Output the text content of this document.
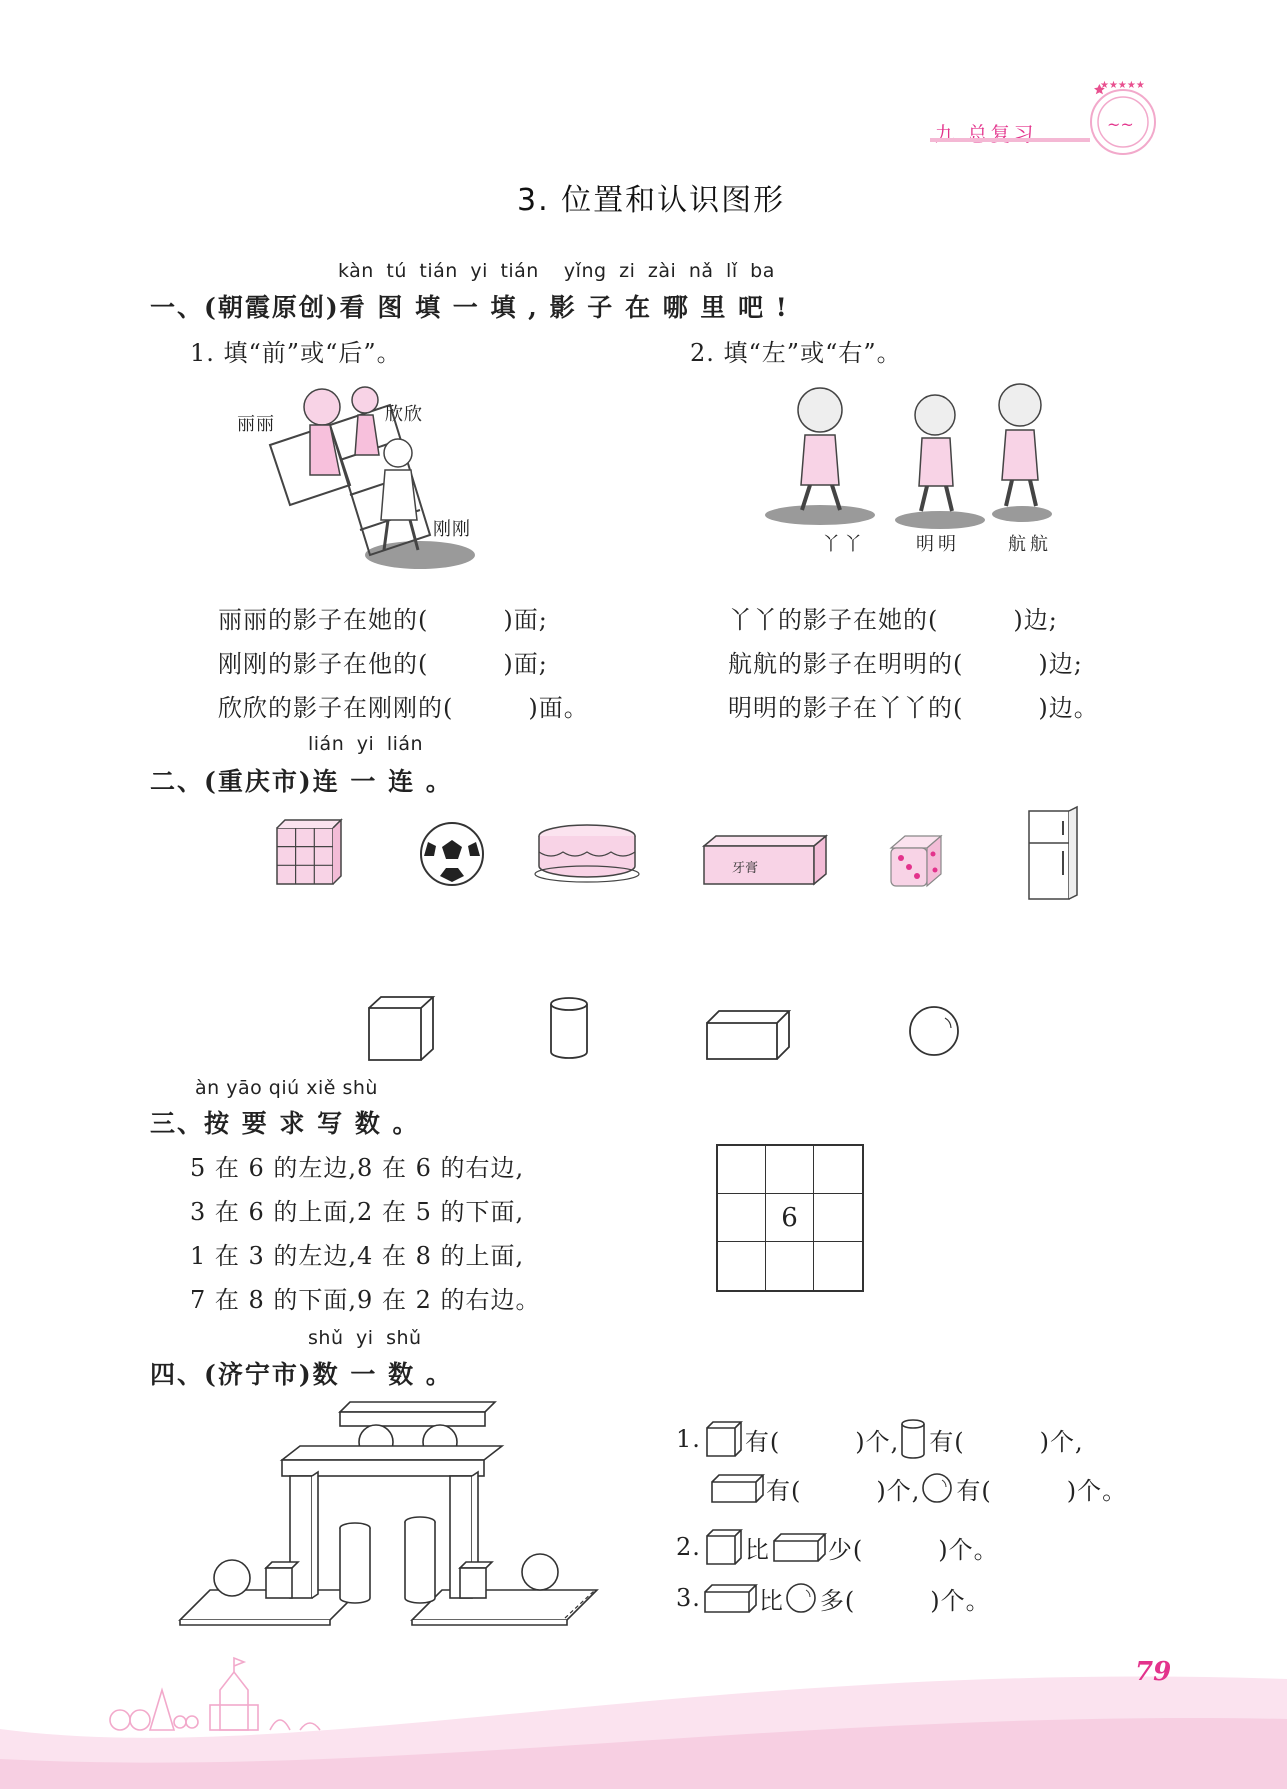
九 总复习
★★★★★
~~
3. 位置和认识图形
kàn tú tián yi tián  yǐng zi zài nǎ lǐ ba
一、(朝霞原创)看 图 填 一 填 , 影 子 在 哪 里 吧 !
1. 填“前”或“后”。	2. 填“左”或“右”。
丽丽	欣欣
刚刚
丫丫	明明	航航
丽丽的影子在她的(　　　)面;
刚刚的影子在他的(　　　)面;
欣欣的影子在刚刚的(　　　)面。
丫丫的影子在她的(　　　)边;
航航的影子在明明的(　　　)边;
明明的影子在丫丫的(　　　)边。
lián yi lián
二、(重庆市)连 一 连 。
牙膏
àn yāo qiú xiě shù
三、按 要 求 写 数 。
5 在 6 的左边,8 在 6 的右边,
3 在 6 的上面,2 在 5 的下面,
1 在 3 的左边,4 在 8 的上面,
7 在 8 的下面,9 在 2 的右边。
6
shǔ yi shǔ
四、(济宁市)数 一 数 。
1. 有(　　　)个, 有(　　　)个,
有(　　　)个, 有(　　　)个。
2. 比 少(　　　)个。
3. 比 多(　　　)个。
79
